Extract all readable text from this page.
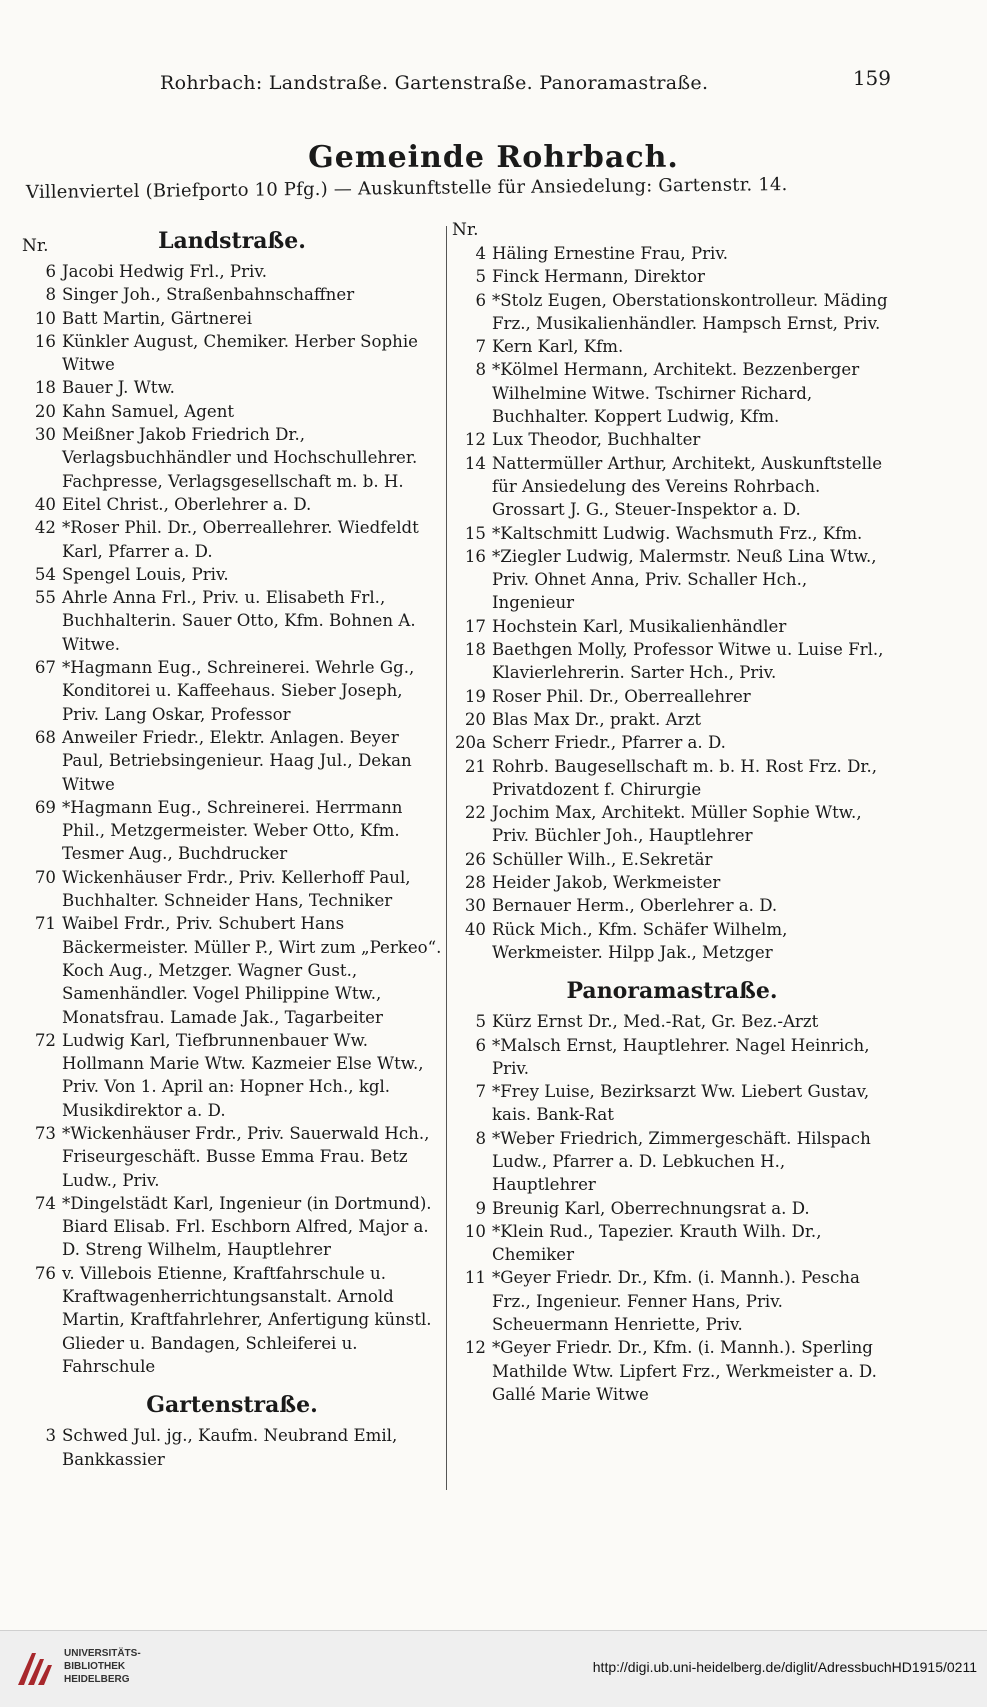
Rohrbach: Landstraße. Gartenstraße. Panoramastraße.	159
Gemeinde Rohrbach.
Villenviertel (Briefporto 10 Pfg.) — Auskunftstelle für Ansiedelung: Gartenstr. 14.
Nr.	Landstraße.
6 Jacobi Hedwig Frl., Priv.
8 Singer Joh., Straßenbahnschaffner
10 Batt Martin, Gärtnerei
16 Künkler August, Chemiker. Herber Sophie Witwe
18 Bauer J. Wtw.
20 Kahn Samuel, Agent
30 Meißner Jakob Friedrich Dr., Verlagsbuchhändler und Hochschullehrer. Fachpresse, Verlagsgesellschaft m. b. H.
40 Eitel Christ., Oberlehrer a. D.
42 *Roser Phil. Dr., Oberreallehrer. Wiedfeldt Karl, Pfarrer a. D.
54 Spengel Louis, Priv.
55 Ahrle Anna Frl., Priv. u. Elisabeth Frl., Buchhalterin. Sauer Otto, Kfm. Bohnen A. Witwe.
67 *Hagmann Eug., Schreinerei. Wehrle Gg., Konditorei u. Kaffeehaus. Sieber Joseph, Priv. Lang Oskar, Professor
68 Anweiler Friedr., Elektr. Anlagen. Beyer Paul, Betriebsingenieur. Haag Jul., Dekan Witwe
69 *Hagmann Eug., Schreinerei. Herrmann Phil., Metzgermeister. Weber Otto, Kfm. Tesmer Aug., Buchdrucker
70 Wickenhäuser Frdr., Priv. Kellerhoff Paul, Buchhalter. Schneider Hans, Techniker
71 Waibel Frdr., Priv. Schubert Hans Bäckermeister. Müller P., Wirt zum „Perkeo“. Koch Aug., Metzger. Wagner Gust., Samenhändler. Vogel Philippine Wtw., Monatsfrau. Lamade Jak., Tagarbeiter
72 Ludwig Karl, Tiefbrunnenbauer Ww. Hollmann Marie Wtw. Kazmeier Else Wtw., Priv. Von 1. April an: Hopner Hch., kgl. Musikdirektor a. D.
73 *Wickenhäuser Frdr., Priv. Sauerwald Hch., Friseurgeschäft. Busse Emma Frau. Betz Ludw., Priv.
74 *Dingelstädt Karl, Ingenieur (in Dortmund). Biard Elisab. Frl. Eschborn Alfred, Major a. D. Streng Wilhelm, Hauptlehrer
76 v. Villebois Etienne, Kraftfahrschule u. Kraftwagenherrichtungsanstalt. Arnold Martin, Kraftfahrlehrer, Anfertigung künstl. Glieder u. Bandagen, Schleiferei u. Fahrschule
Gartenstraße.
3 Schwed Jul. jg., Kaufm. Neubrand Emil, Bankkassier
Nr.
4 Häling Ernestine Frau, Priv.
5 Finck Hermann, Direktor
6 *Stolz Eugen, Oberstationskontrolleur. Mäding Frz., Musikalienhändler. Hampsch Ernst, Priv.
7 Kern Karl, Kfm.
8 *Kölmel Hermann, Architekt. Bezzenberger Wilhelmine Witwe. Tschirner Richard, Buchhalter. Koppert Ludwig, Kfm.
12 Lux Theodor, Buchhalter
14 Nattermüller Arthur, Architekt, Auskunftstelle für Ansiedelung des Vereins Rohrbach. Grossart J. G., Steuer-Inspektor a. D.
15 *Kaltschmitt Ludwig. Wachsmuth Frz., Kfm.
16 *Ziegler Ludwig, Malermstr. Neuß Lina Wtw., Priv. Ohnet Anna, Priv. Schaller Hch., Ingenieur
17 Hochstein Karl, Musikalienhändler
18 Baethgen Molly, Professor Witwe u. Luise Frl., Klavierlehrerin. Sarter Hch., Priv.
19 Roser Phil. Dr., Oberreallehrer
20 Blas Max Dr., prakt. Arzt
20a Scherr Friedr., Pfarrer a. D.
21 Rohrb. Baugesellschaft m. b. H. Rost Frz. Dr., Privatdozent f. Chirurgie
22 Jochim Max, Architekt. Müller Sophie Wtw., Priv. Büchler Joh., Hauptlehrer
26 Schüller Wilh., E.Sekretär
28 Heider Jakob, Werkmeister
30 Bernauer Herm., Oberlehrer a. D.
40 Rück Mich., Kfm. Schäfer Wilhelm, Werkmeister. Hilpp Jak., Metzger
Panoramastraße.
5 Kürz Ernst Dr., Med.-Rat, Gr. Bez.-Arzt
6 *Malsch Ernst, Hauptlehrer. Nagel Heinrich, Priv.
7 *Frey Luise, Bezirksarzt Ww. Liebert Gustav, kais. Bank-Rat
8 *Weber Friedrich, Zimmergeschäft. Hilspach Ludw., Pfarrer a. D. Lebkuchen H., Hauptlehrer
9 Breunig Karl, Oberrechnungsrat a. D.
10 *Klein Rud., Tapezier. Krauth Wilh. Dr., Chemiker
11 *Geyer Friedr. Dr., Kfm. (i. Mannh.). Pescha Frz., Ingenieur. Fenner Hans, Priv. Scheuermann Henriette, Priv.
12 *Geyer Friedr. Dr., Kfm. (i. Mannh.). Sperling Mathilde Wtw. Lipfert Frz., Werkmeister a. D. Gallé Marie Witwe
UNIVERSITÄTS-
BIBLIOTHEK
HEIDELBERG
http://digi.ub.uni-heidelberg.de/diglit/AdressbuchHD1915/0211
